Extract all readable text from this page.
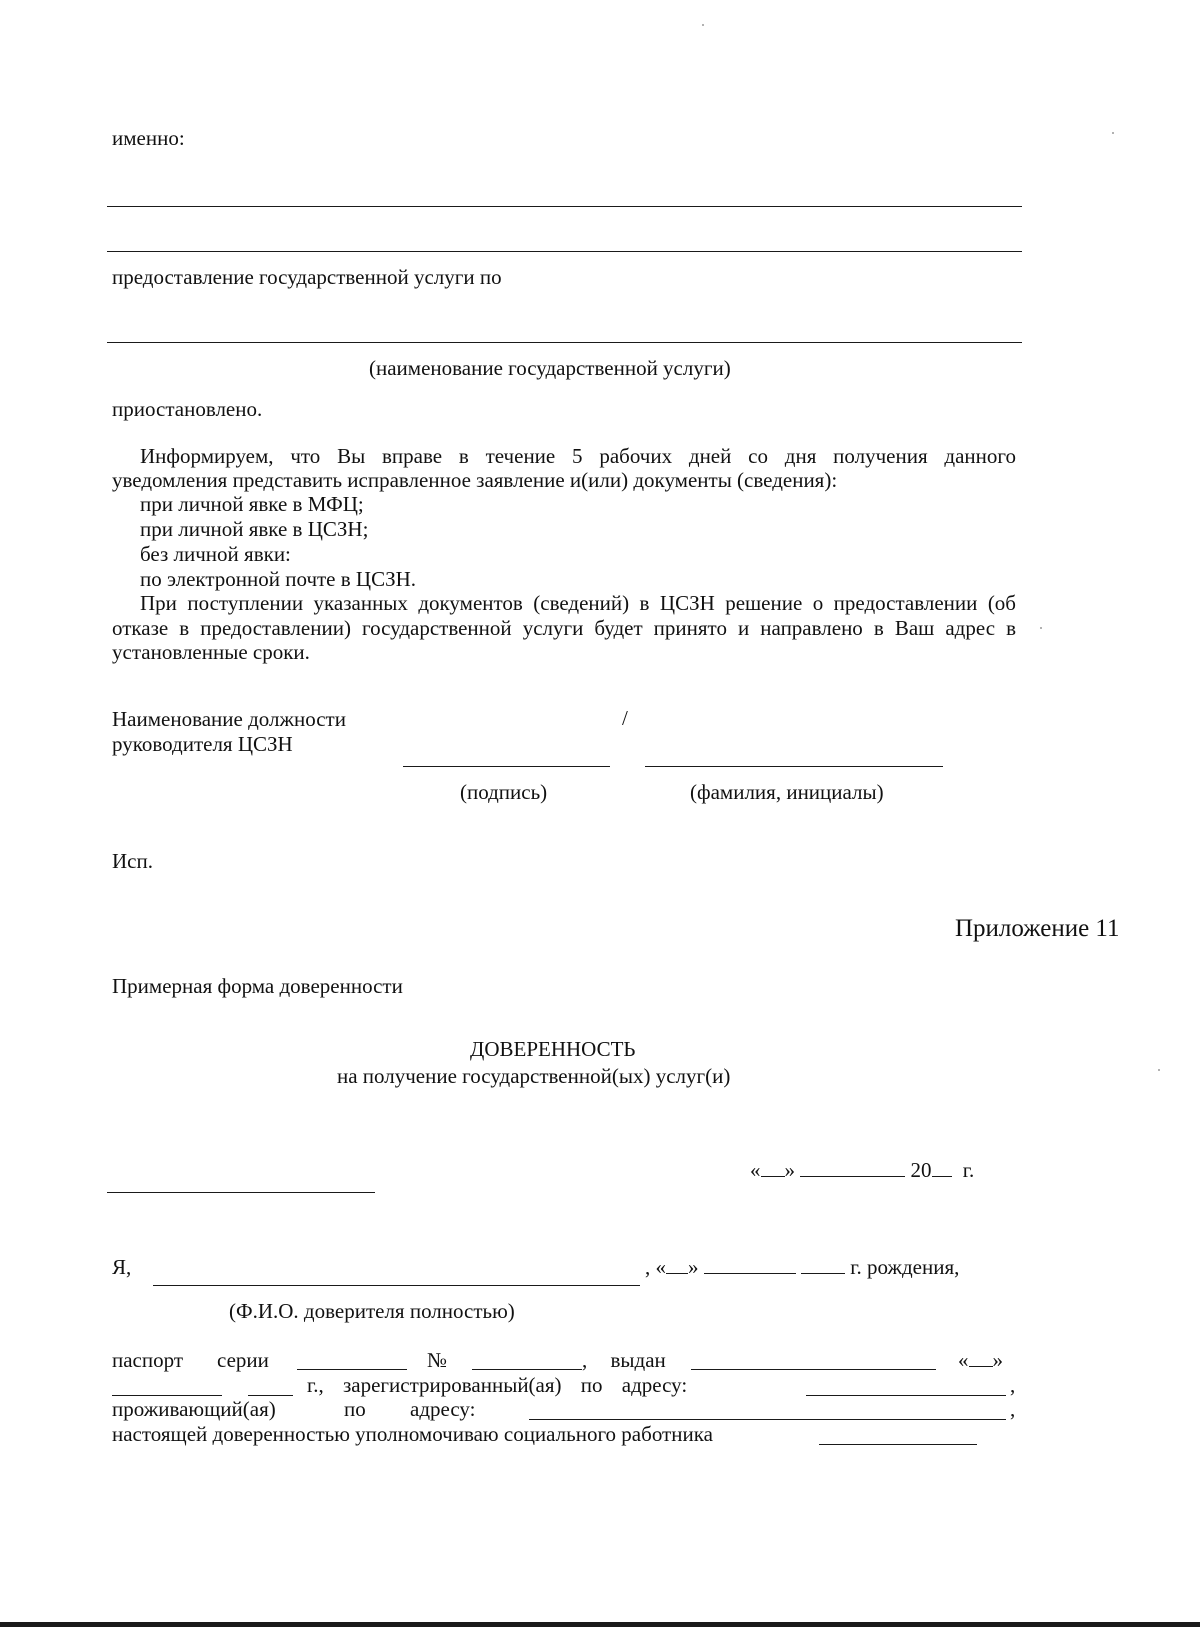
именно:

предоставление государственной услуги по

(наименование государственной услуги)

приостановлено.

Информируем, что Вы вправе в течение 5 рабочих дней со дня получения данного

уведомления представить исправленное заявление и(или) документы (сведения):

при личной явке в МФЦ;

при личной явке в ЦСЗН;

без личной явки:

по электронной почте в ЦСЗН.

При поступлении указанных документов (сведений) в ЦСЗН решение о предоставлении (об

отказе в предоставлении) государственной услуги будет принято и направлено в Ваш адрес в

установленные сроки.

Наименование должности

руководителя ЦСЗН

/

(подпись)	(фамилия, инициалы)

Исп.

Приложение 11

Примерная форма доверенности

ДОВЕРЕННОСТЬ

на получение государственной(ых) услуг(и)

« »	20 г.

Я,	, « »	г. рождения,

(Ф.И.О. доверителя полностью)

паспорт серии	№	, выдан	« »

г., зарегистрированный(ая) по адресу:	,

проживающий(ая)	по адресу:	,

настоящей доверенностью уполномочиваю социального работника
